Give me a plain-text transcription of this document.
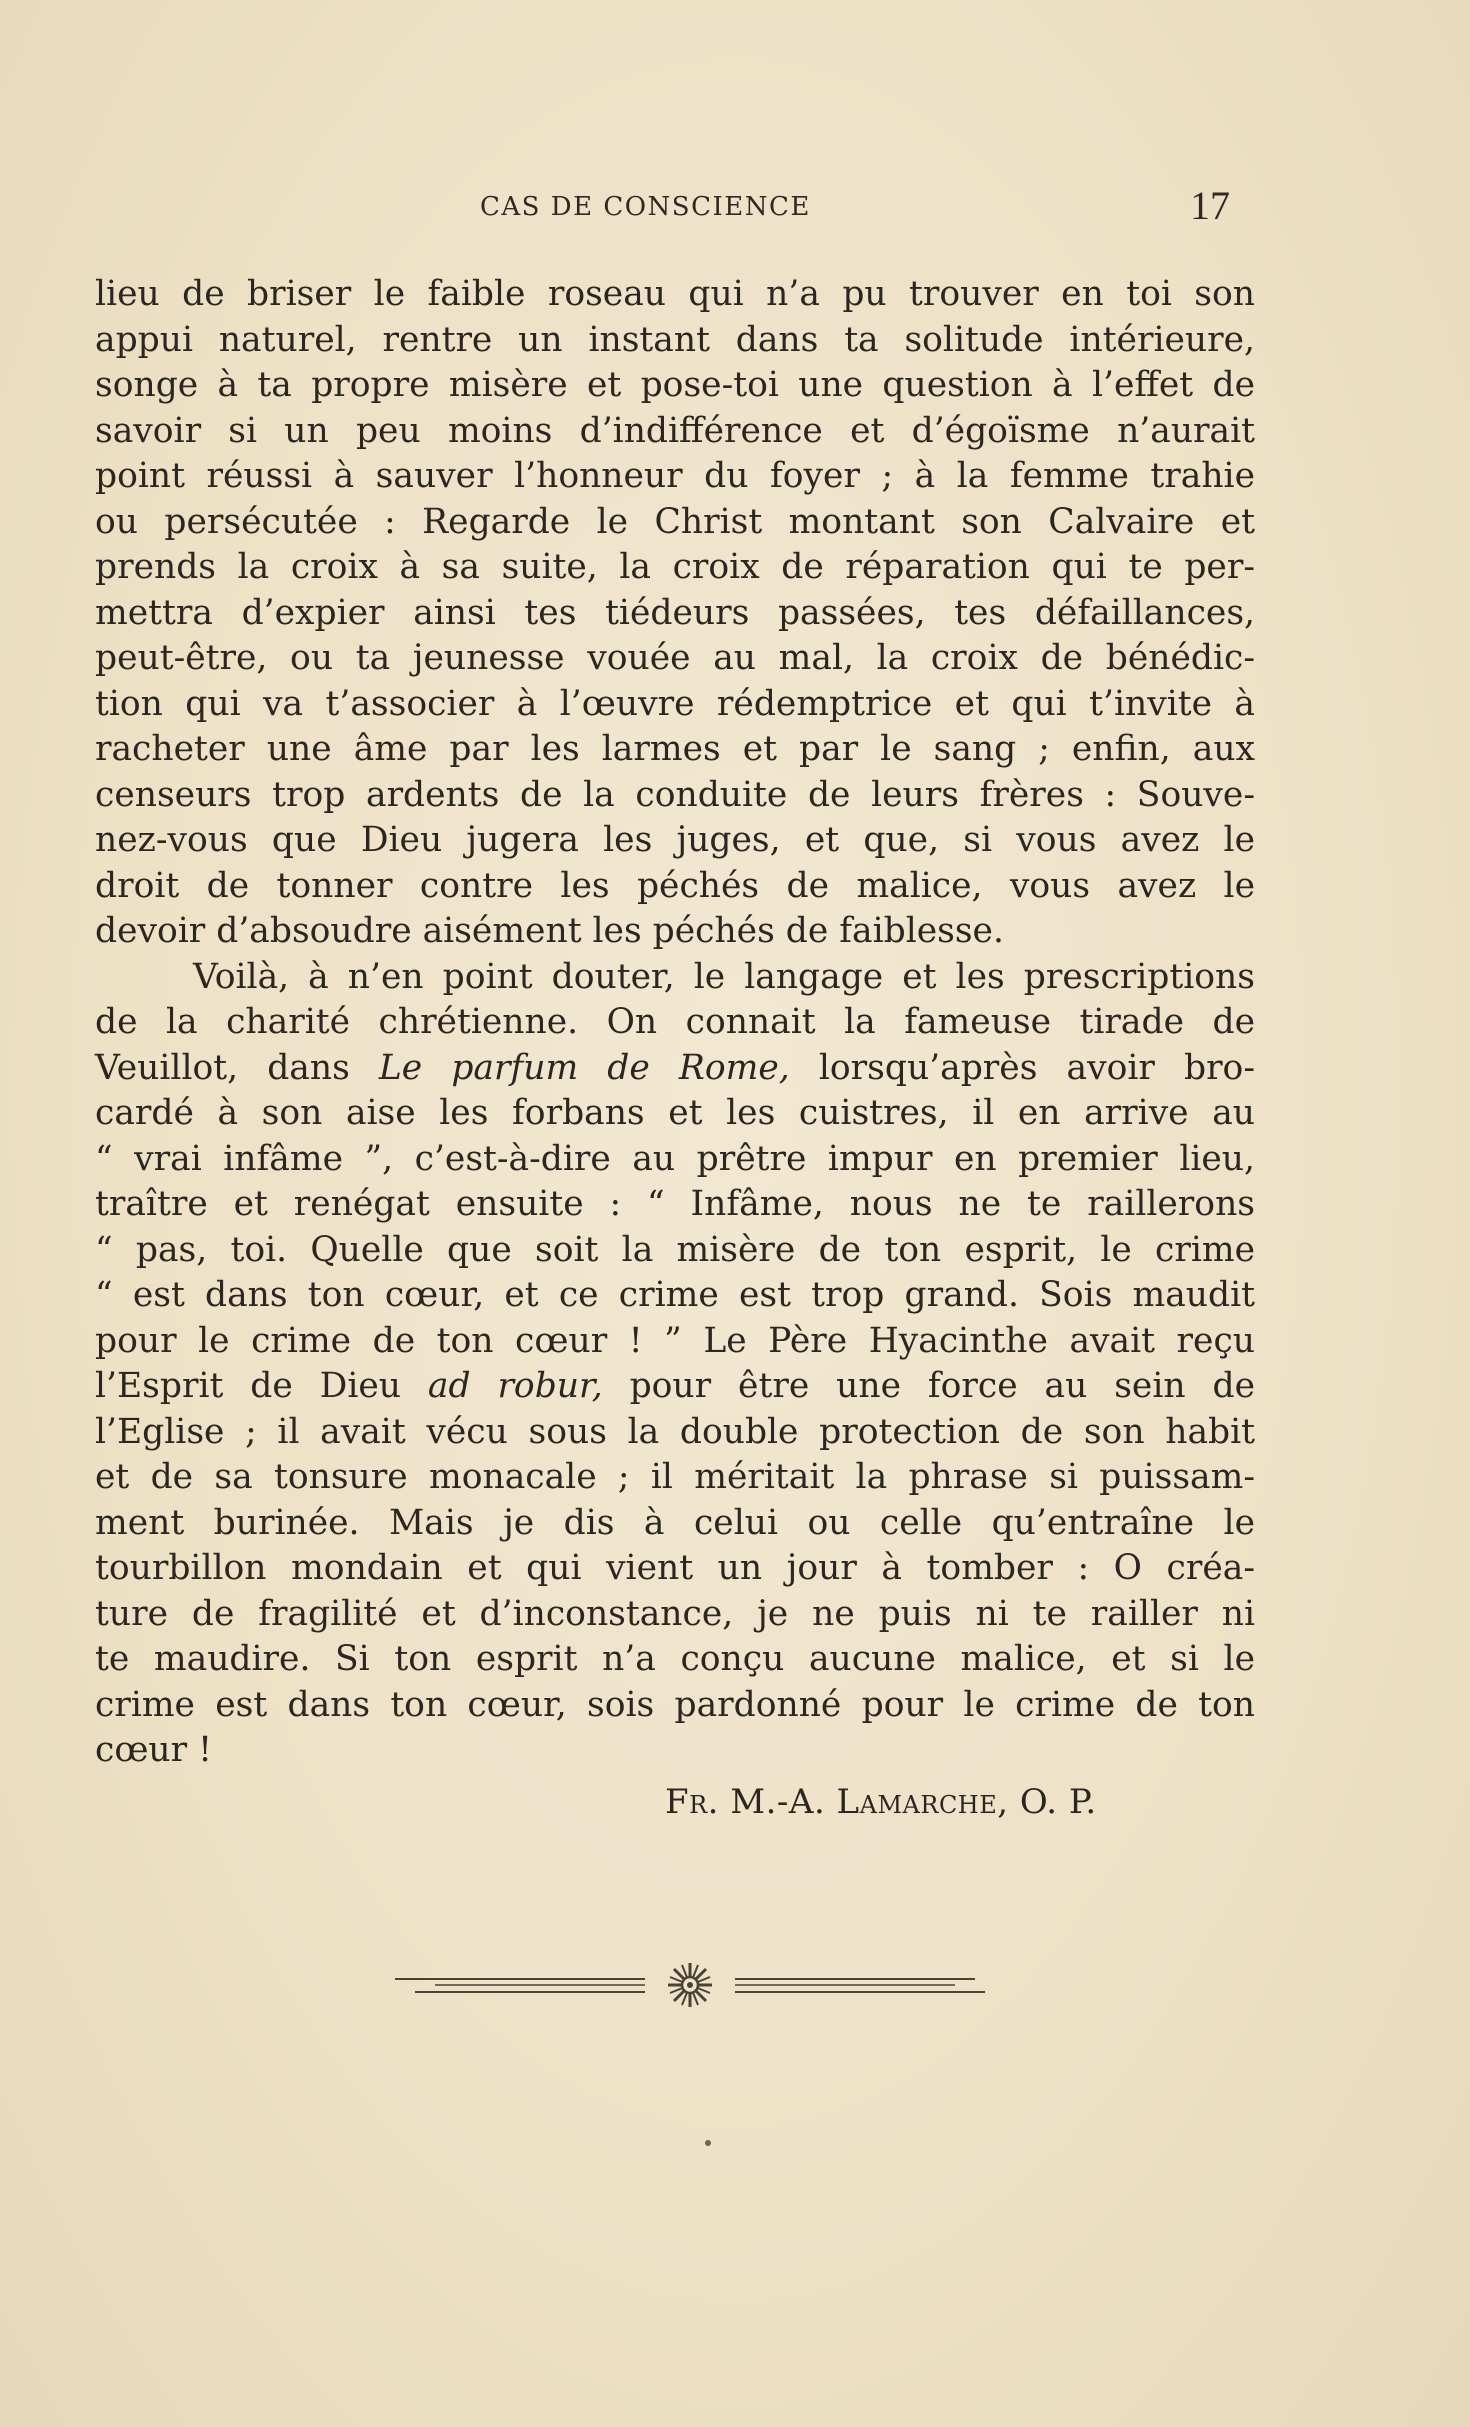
CAS DE CONSCIENCE	17
lieu de briser le faible roseau qui n’a pu trouver en toi son
appui naturel, rentre un instant dans ta solitude intérieure,
songe à ta propre misère et pose-toi une question à l’effet de
savoir si un peu moins d’indifférence et d’égoïsme n’aurait
point réussi à sauver l’honneur du foyer ; à la femme trahie
ou persécutée : Regarde le Christ montant son Calvaire et
prends la croix à sa suite, la croix de réparation qui te per-
mettra d’expier ainsi tes tiédeurs passées, tes défaillances,
peut-être, ou ta jeunesse vouée au mal, la croix de bénédic-
tion qui va t’associer à l’œuvre rédemptrice et qui t’invite à
racheter une âme par les larmes et par le sang ; enfin, aux
censeurs trop ardents de la conduite de leurs frères : Souve-
nez-vous que Dieu jugera les juges, et que, si vous avez le
droit de tonner contre les péchés de malice, vous avez le
devoir d’absoudre aisément les péchés de faiblesse.
Voilà, à n’en point douter, le langage et les prescriptions
de la charité chrétienne. On connait la fameuse tirade de
Veuillot, dans Le parfum de Rome, lorsqu’après avoir bro-
cardé à son aise les forbans et les cuistres, il en arrive au
“ vrai infâme ”, c’est-à-dire au prêtre impur en premier lieu,
traître et renégat ensuite : “ Infâme, nous ne te raillerons
“ pas, toi. Quelle que soit la misère de ton esprit, le crime
“ est dans ton cœur, et ce crime est trop grand. Sois maudit
pour le crime de ton cœur ! ” Le Père Hyacinthe avait reçu
l’Esprit de Dieu ad robur, pour être une force au sein de
l’Eglise ; il avait vécu sous la double protection de son habit
et de sa tonsure monacale ; il méritait la phrase si puissam-
ment burinée. Mais je dis à celui ou celle qu’entraîne le
tourbillon mondain et qui vient un jour à tomber : O créa-
ture de fragilité et d’inconstance, je ne puis ni te railler ni
te maudire. Si ton esprit n’a conçu aucune malice, et si le
crime est dans ton cœur, sois pardonné pour le crime de ton
cœur !
Fr. M.-A. Lamarche, O. P.
